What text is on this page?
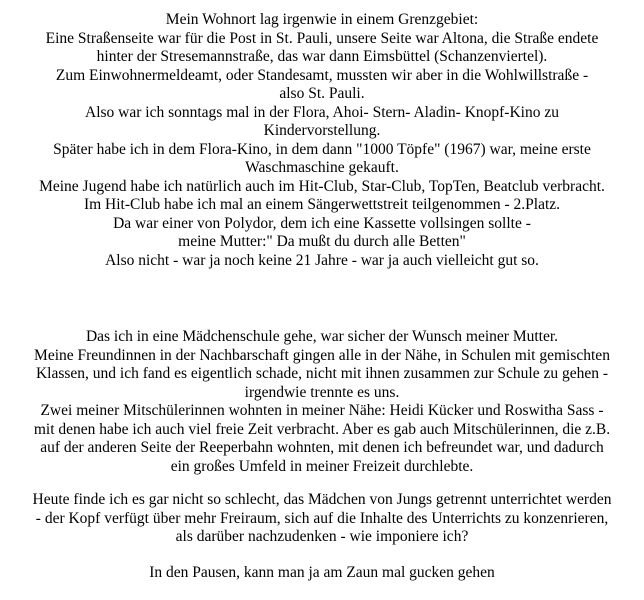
Mein Wohnort lag irgenwie in einem Grenzgebiet:
Eine Straßenseite war für die Post in St. Pauli, unsere Seite war Altona, die Straße endete
hinter der Stresemannstraße, das war dann Eimsbüttel (Schanzenviertel).
Zum Einwohnermeldeamt, oder Standesamt, mussten wir aber in die Wohlwillstraße -
also St. Pauli.
Also war ich sonntags mal in der Flora, Ahoi- Stern- Aladin- Knopf-Kino zu
Kindervorstellung.
Später habe ich in dem Flora-Kino, in dem dann "1000 Töpfe" (1967) war, meine erste
Waschmaschine gekauft.
Meine Jugend habe ich natürlich auch im Hit-Club, Star-Club, TopTen, Beatclub verbracht.
Im Hit-Club habe ich mal an einem Sängerwettstreit teilgenommen - 2.Platz.
Da war einer von Polydor, dem ich eine Kassette vollsingen sollte -
meine Mutter:" Da mußt du durch alle Betten"
Also nicht - war ja noch keine 21 Jahre - war ja auch vielleicht gut so.
Das ich in eine Mädchenschule gehe, war sicher der Wunsch meiner Mutter.
Meine Freundinnen in der Nachbarschaft gingen alle in der Nähe, in Schulen mit gemischten
Klassen, und ich fand es eigentlich schade, nicht mit ihnen zusammen zur Schule zu gehen -
irgendwie trennte es uns.
Zwei meiner Mitschülerinnen wohnten in meiner Nähe: Heidi Kücker und Roswitha Sass -
mit denen habe ich auch viel freie Zeit verbracht. Aber es gab auch Mitschülerinnen, die z.B.
auf der anderen Seite der Reeperbahn wohnten, mit denen ich befreundet war, und dadurch
ein großes Umfeld in meiner Freizeit durchlebte.
Heute finde ich es gar nicht so schlecht, das Mädchen von Jungs getrennt unterrichtet werden
- der Kopf verfügt über mehr Freiraum, sich auf die Inhalte des Unterrichts zu konzenrieren,
als darüber nachzudenken - wie imponiere ich?
In den Pausen, kann man ja am Zaun mal gucken gehen
